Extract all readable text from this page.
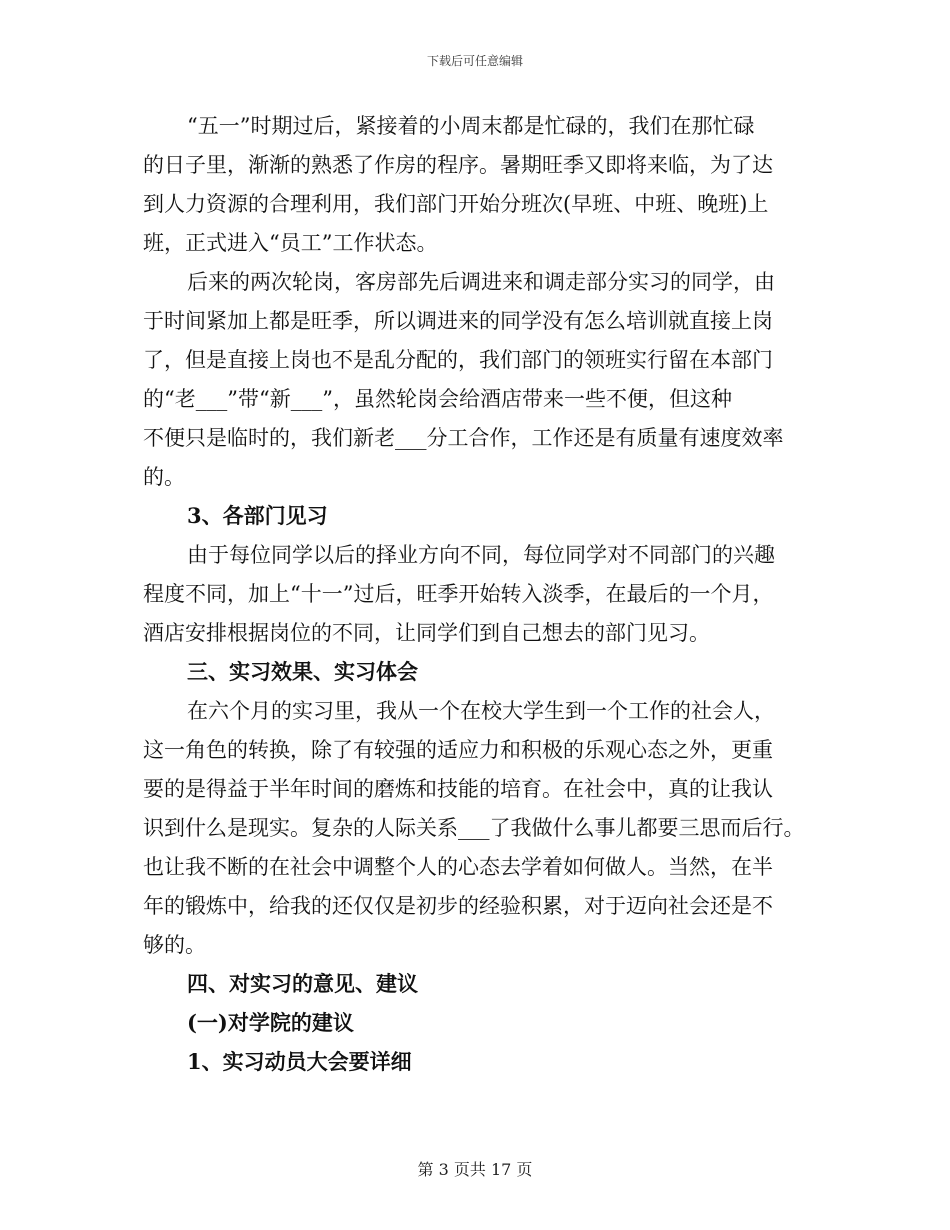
下载后可任意编辑
“五一”时期过后，紧接着的小周末都是忙碌的，我们在那忙碌
的日子里，渐渐的熟悉了作房的程序。暑期旺季又即将来临，为了达
到人力资源的合理利用，我们部门开始分班次(早班、中班、晚班)上
班，正式进入“员工”工作状态。
后来的两次轮岗，客房部先后调进来和调走部分实习的同学，由
于时间紧加上都是旺季，所以调进来的同学没有怎么培训就直接上岗
了，但是直接上岗也不是乱分配的，我们部门的领班实行留在本部门
的“老___”带“新___”，虽然轮岗会给酒店带来一些不便，但这种
不便只是临时的，我们新老___分工合作，工作还是有质量有速度效率
的。
3、各部门见习
由于每位同学以后的择业方向不同，每位同学对不同部门的兴趣
程度不同，加上“十一”过后，旺季开始转入淡季，在最后的一个月，
酒店安排根据岗位的不同，让同学们到自己想去的部门见习。
三、实习效果、实习体会
在六个月的实习里，我从一个在校大学生到一个工作的社会人，
这一角色的转换，除了有较强的适应力和积极的乐观心态之外，更重
要的是得益于半年时间的磨炼和技能的培育。在社会中，真的让我认
识到什么是现实。复杂的人际关系___了我做什么事儿都要三思而后行。
也让我不断的在社会中调整个人的心态去学着如何做人。当然，在半
年的锻炼中，给我的还仅仅是初步的经验积累，对于迈向社会还是不
够的。
四、对实习的意见、建议
(一)对学院的建议
1、实习动员大会要详细
第 3 页共 17 页
